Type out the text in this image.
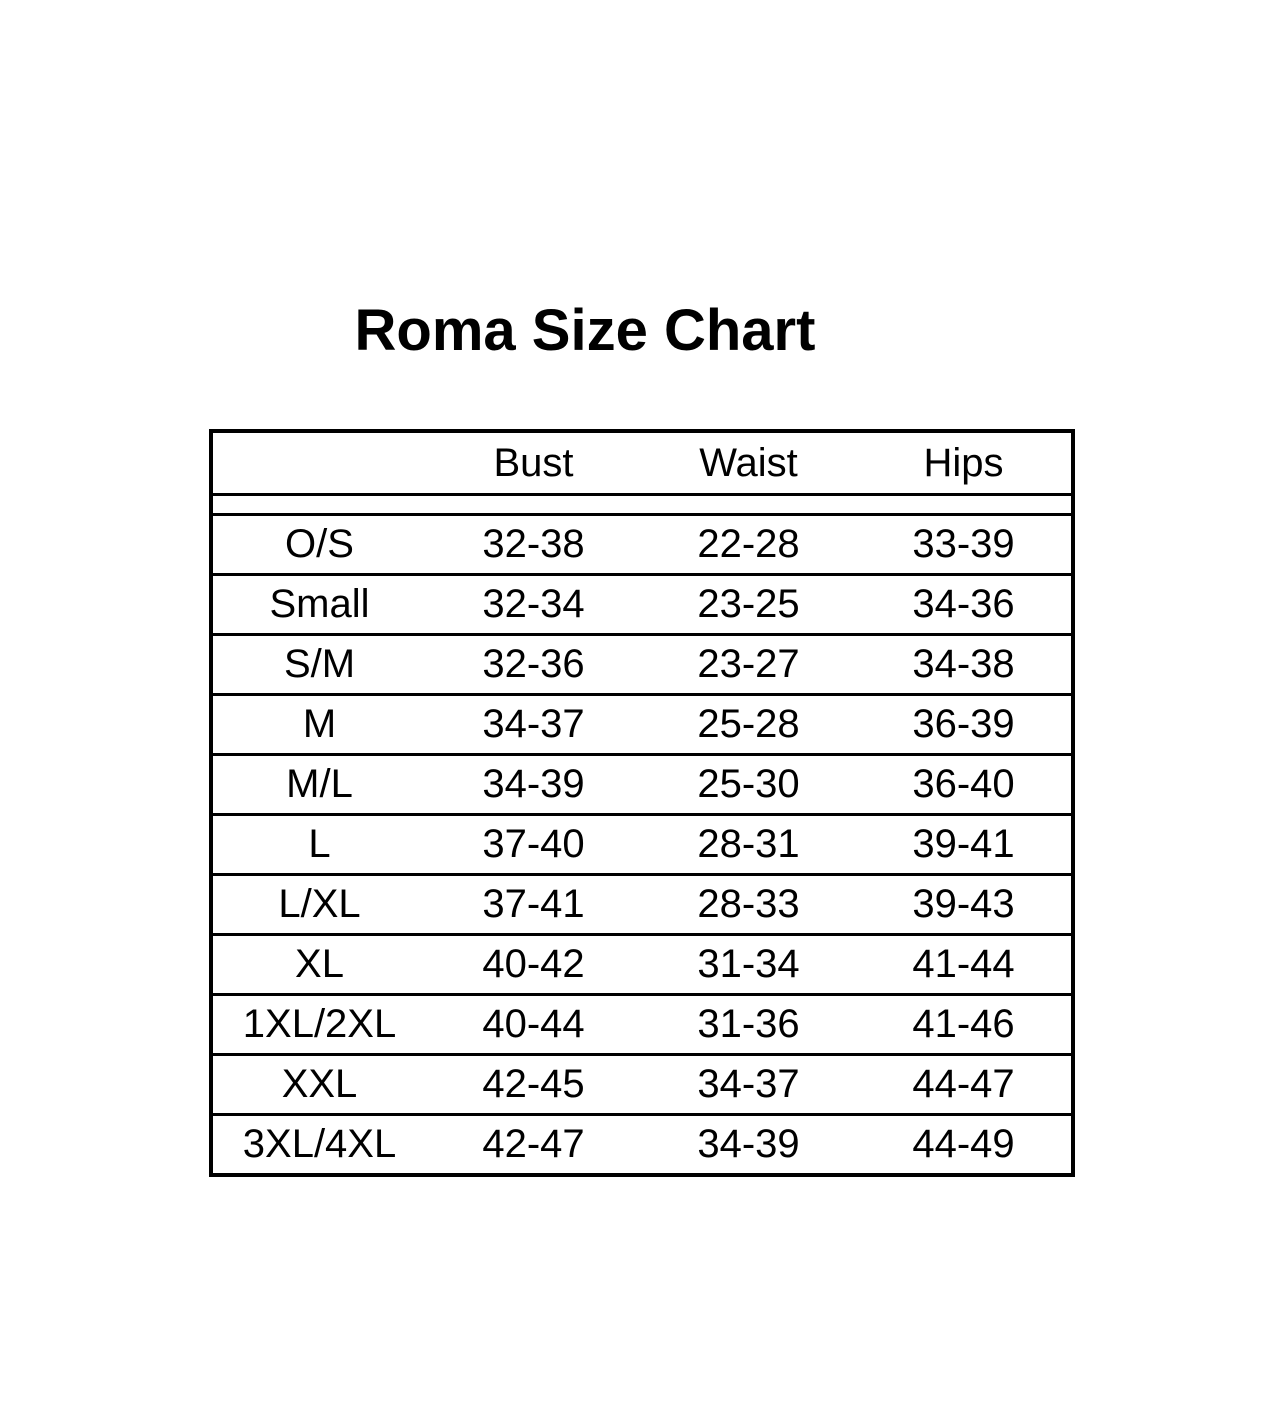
Roma Size Chart
	Bust	Waist	Hips

O/S	32-38	22-28	33-39
Small	32-34	23-25	34-36
S/M	32-36	23-27	34-38
M	34-37	25-28	36-39
M/L	34-39	25-30	36-40
L	37-40	28-31	39-41
L/XL	37-41	28-33	39-43
XL	40-42	31-34	41-44
1XL/2XL	40-44	31-36	41-46
XXL	42-45	34-37	44-47
3XL/4XL	42-47	34-39	44-49
